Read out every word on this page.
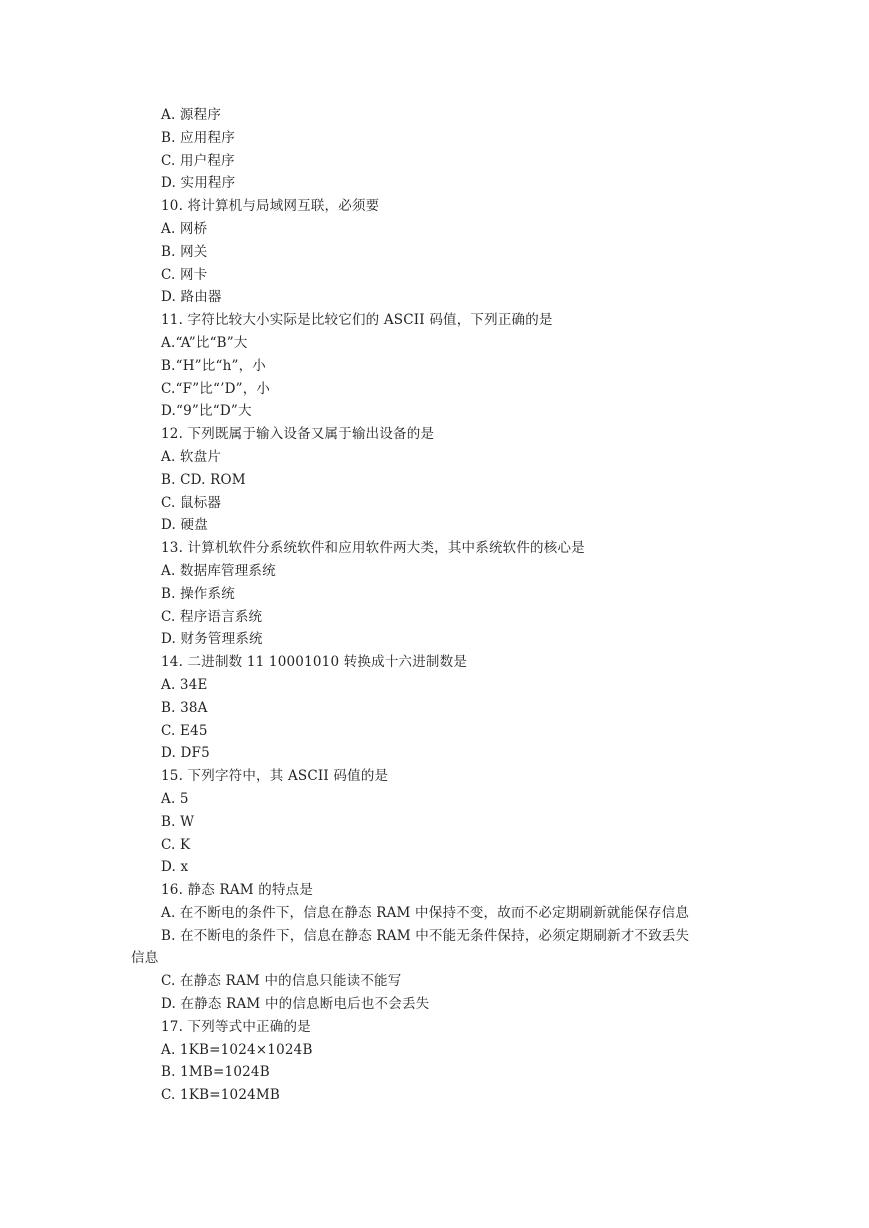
A. 源程序
B. 应用程序
C. 用户程序
D. 实用程序
10. 将计算机与局域网互联，必须要
A. 网桥
B. 网关
C. 网卡
D. 路由器
11. 字符比较大小实际是比较它们的 ASCII 码值，下列正确的是
A.“A”比“B”大
B.“H”比“h”，小
C.“F”比“’D”，小
D.“9”比“D”大
12. 下列既属于输入设备又属于输出设备的是
A. 软盘片
B. CD. ROM
C. 鼠标器
D. 硬盘
13. 计算机软件分系统软件和应用软件两大类，其中系统软件的核心是
A. 数据库管理系统
B. 操作系统
C. 程序语言系统
D. 财务管理系统
14. 二进制数 11 10001010 转换成十六进制数是
A. 34E
B. 38A
C. E45
D. DF5
15. 下列字符中，其 ASCII 码值的是
A. 5
B. W
C. K
D. x
16. 静态 RAM 的特点是
A. 在不断电的条件下，信息在静态 RAM 中保持不变，故而不必定期刷新就能保存信息
B. 在不断电的条件下，信息在静态 RAM 中不能无条件保持，必须定期刷新才不致丢失
信息
C. 在静态 RAM 中的信息只能读不能写
D. 在静态 RAM 中的信息断电后也不会丢失
17. 下列等式中正确的是
A. 1KB=1024×1024B
B. 1MB=1024B
C. 1KB=1024MB
